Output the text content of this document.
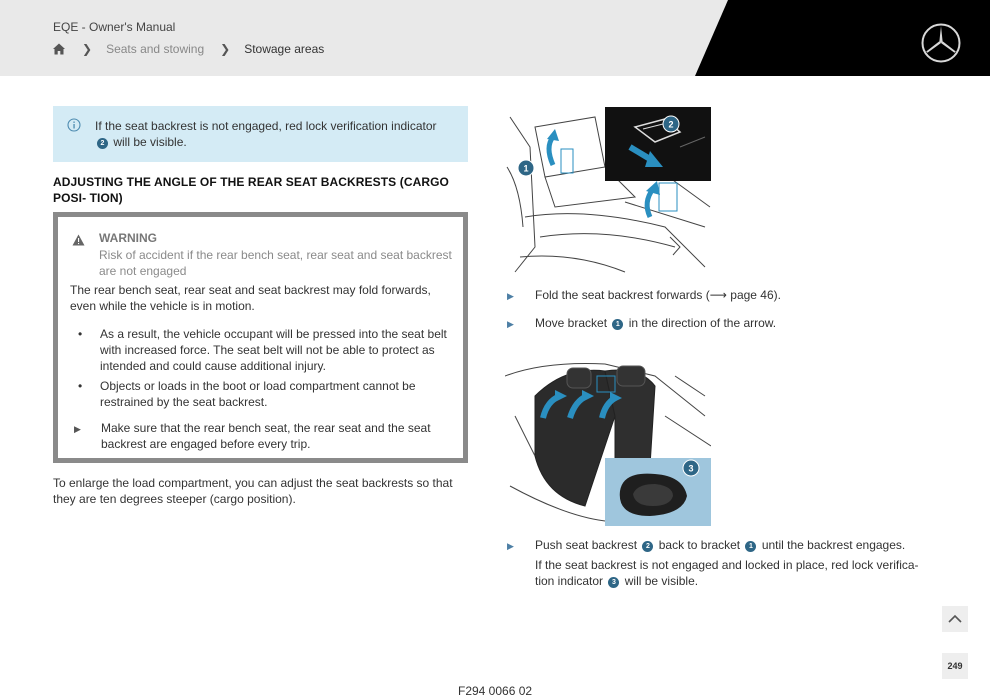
EQE - Owner's Manual
❯ Seats and stowing ❯ Stowage areas
If the seat backrest is not engaged, red lock verification indicator
2 will be visible.
ADJUSTING THE ANGLE OF THE REAR SEAT BACKRESTS (CARGO POSI- TION)
WARNING
Risk of accident if the rear bench seat, rear seat and seat backrest are not engaged
The rear bench seat, rear seat and seat backrest may fold forwards, even while the vehicle is in motion.
• As a result, the vehicle occupant will be pressed into the seat belt with increased force. The seat belt will not be able to protect as intended and could cause additional injury.
• Objects or loads in the boot or load compartment cannot be restrained by the seat backrest.
▶ Make sure that the rear bench seat, the rear seat and the seat backrest are engaged before every trip.
To enlarge the load compartment, you can adjust the seat backrests so that they are ten degrees steeper (cargo position).
1
2
▶ Fold the seat backrest forwards (⟶ page 46).
▶ Move bracket 1 in the direction of the arrow.
3
▶ Push seat backrest 2 back to bracket 1 until the backrest engages.
If the seat backrest is not engaged and locked in place, red lock verifica- tion indicator 3 will be visible.
249
F294 0066 02
